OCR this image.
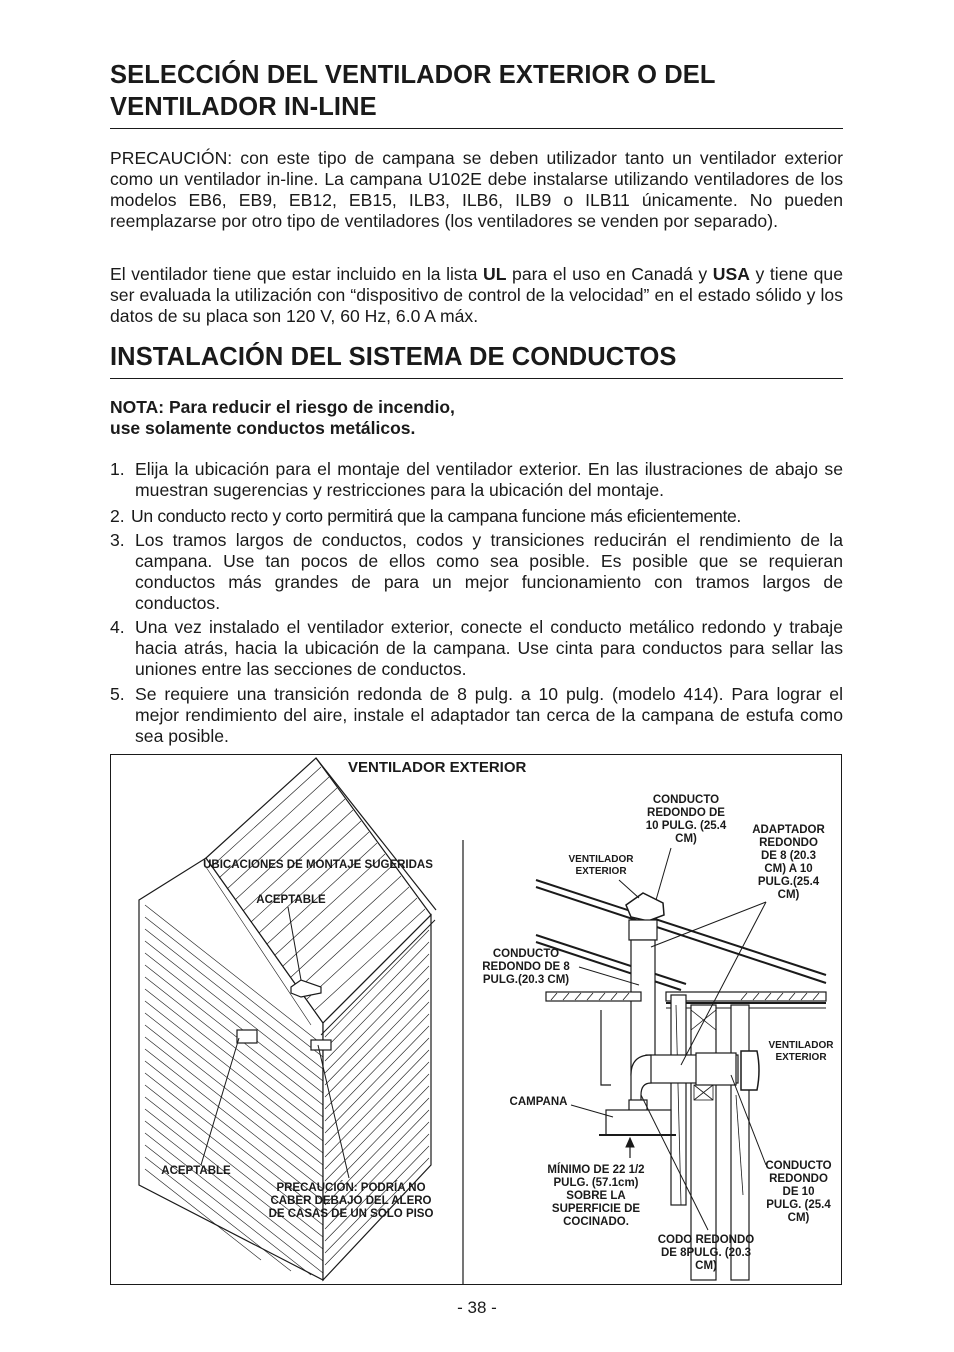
SELECCIÓN DEL VENTILADOR EXTERIOR O DEL
VENTILADOR IN-LINE

PRECAUCIÓN: con este tipo de campana se deben utilizador tanto un ventilador exterior como un ventilador in-line. La campana U102E debe instalarse utilizando ventiladores de los modelos EB6, EB9, EB12, EB15, ILB3, ILB6, ILB9 o ILB11 únicamente. No pueden reemplazarse por otro tipo de ventiladores (los ventiladores se venden por separado).

El ventilador tiene que estar incluido en la lista UL para el uso en Canadá y USA y tiene que ser evaluada la utilización con “dispositivo de control de la velocidad” en el estado sólido y los datos de su placa son 120 V, 60 Hz, 6.0 A máx.

INSTALACIÓN DEL SISTEMA DE CONDUCTOS

NOTA: Para reducir el riesgo de incendio,

use solamente conductos metálicos.

1. Elija la ubicación para el montaje del ventilador exterior. En las ilustraciones de abajo se muestran sugerencias y restricciones para la ubicación del montaje.
2. Un conducto recto y corto permitirá que la campana funcione más eficientemente.
3. Los tramos largos de conductos, codos y transiciones reducirán el rendimiento de la campana. Use tan pocos de ellos como sea posible. Es posible que se requieran conductos más grandes de para un mejor funcionamiento con tramos largos de conductos.
4. Una vez instalado el ventilador exterior, conecte el conducto metálico redondo y trabaje hacia atrás, hacia la ubicación de la campana. Use cinta para conductos para sellar las uniones entre las secciones de conductos.
5. Se requiere una transición redonda de 8 pulg. a 10 pulg. (modelo 414). Para lograr el mejor rendimiento del aire, instale el adaptador tan cerca de la campana de estufa como sea posible.
VENTILADOR EXTERIOR
UBICACIONES DE MONTAJE SUGERIDAS
ACEPTABLE
ACEPTABLE
PRECAUCIÓN: PODRÍA NO
CABER DEBAJO DEL ALERO
DE CASAS DE UN SOLO PISO
CONDUCTO
REDONDO DE
10 PULG. (25.4
CM)
VENTILADOR
EXTERIOR
ADAPTADOR
REDONDO
DE 8 (20.3
CM) A 10
PULG.(25.4
CM)
CONDUCTO
REDONDO DE 8
PULG.(20.3 CM)
VENTILADOR
EXTERIOR
CAMPANA
MÍNIMO DE 22 1/2
PULG. (57.1cm)
SOBRE LA
SUPERFICIE DE
COCINADO.
CONDUCTO
REDONDO
DE 10
PULG. (25.4
CM)
CODO REDONDO
DE 8PULG. (20.3
CM)
- 38 -
